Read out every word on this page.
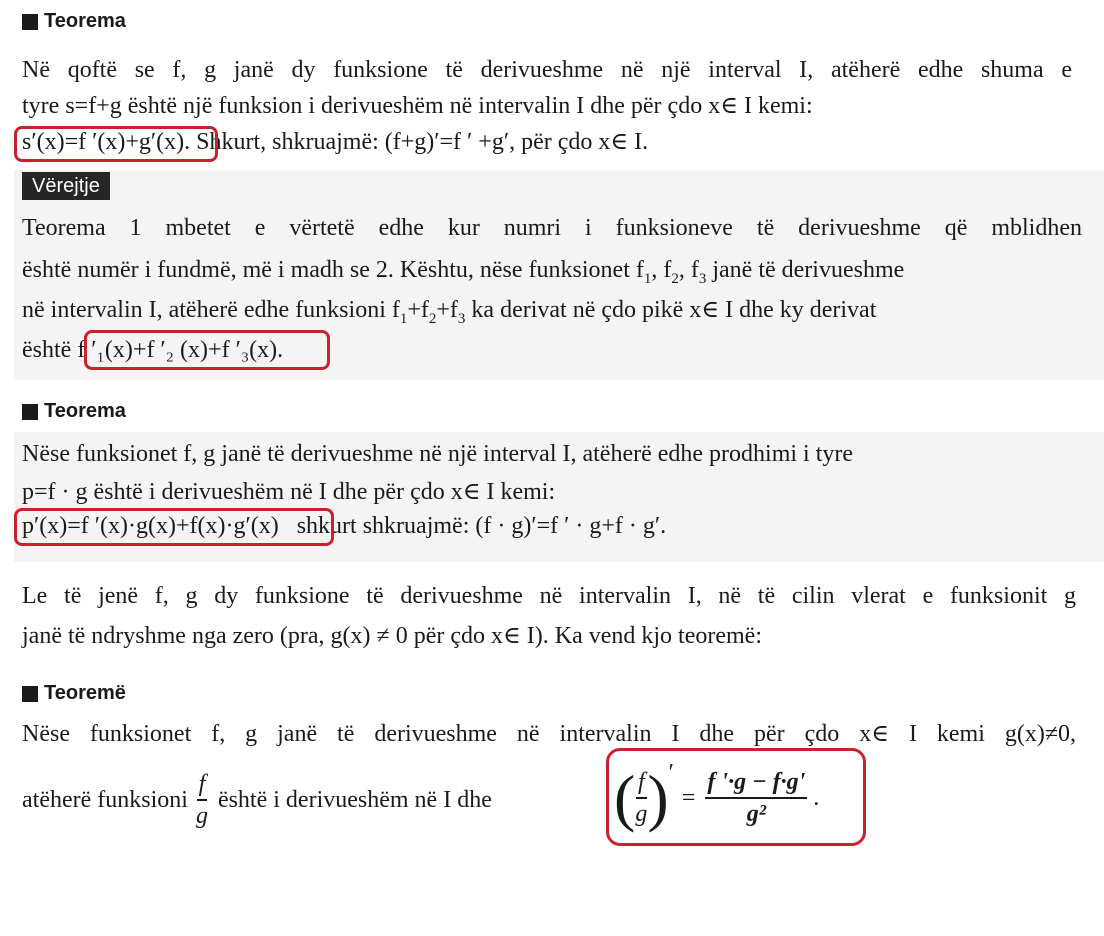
Teorema
Në qoftë se f, g janë dy funksione të derivueshme në një interval I, atëherë edhe shuma e
tyre s=f+g është një funksion i derivueshëm në intervalin I dhe për çdo x∈ I kemi:
s′(x)=f ′(x)+g′(x). Shkurt, shkruajmë: (f+g)′=f ′ +g′, për çdo x∈ I.
Vërejtje
Teorema 1 mbetet e vërtetë edhe kur numri i funksioneve të derivueshme që mblidhen
është numër i fundmë, më i madh se 2. Kështu, nëse funksionet $f_1$, $f_2$, $f_3$ janë të derivueshme
në intervalin I, atëherë edhe funksioni $f_1+f_2+f_3$ ka derivat në çdo pikë x∈ I dhe ky derivat
është f ′₁(x)+f ′₂ (x)+f ′₃(x).
Teorema
Nëse funksionet f, g janë të derivueshme në një interval I, atëherë edhe prodhimi i tyre
p=f · g është i derivueshëm në I dhe për çdo x∈ I kemi:
p′(x)=f ′(x)·g(x)+f(x)·g′(x) shkurt shkruajmë: (f · g)′=f ′ · g+f · g′.
Le të jenë f, g dy funksione të derivueshme në intervalin I, në të cilin vlerat e funksionit g
janë të ndryshme nga zero (pra, g(x) ≠ 0 për çdo x∈ I). Ka vend kjo teoremë:
Teoremë
Nëse funksionet f, g janë të derivueshme në intervalin I dhe për çdo x∈ I kemi g(x)≠0,
atëherë funksioni $\frac{f}{g}$ është i derivueshëm në I dhe ( $\frac{f}{g}$ ) ′
= $\frac{f '\cdot g - f\cdot g'}{\text{g²}}$ .
